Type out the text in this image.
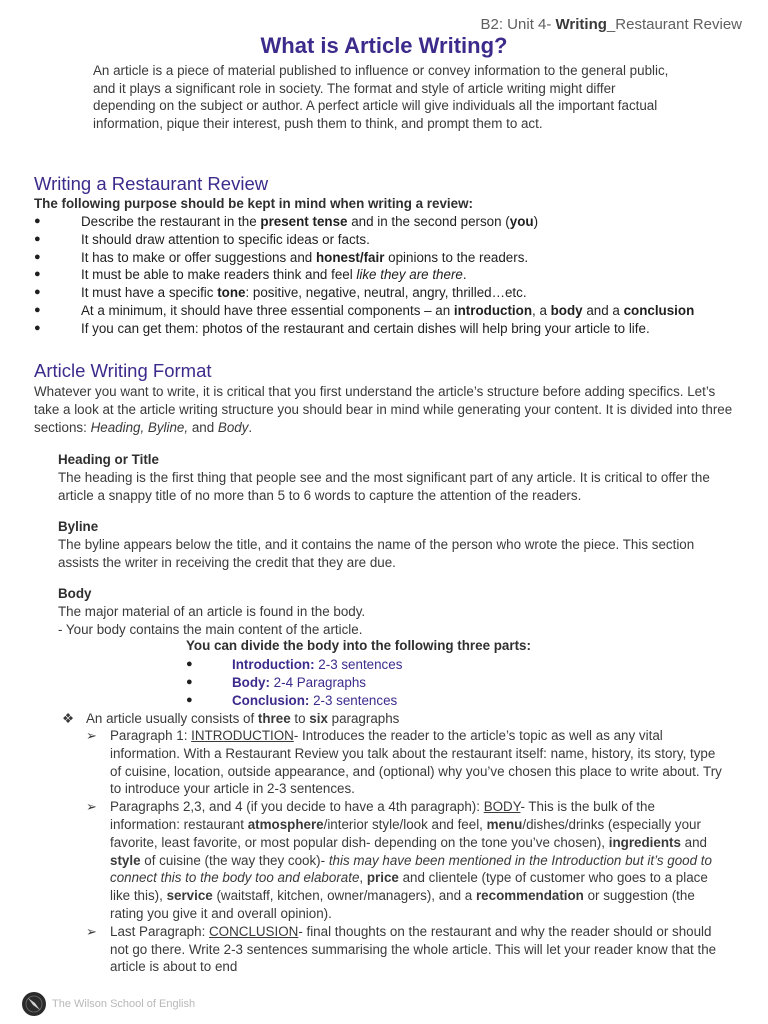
B2: Unit 4- Writing_Restaurant Review
What is Article Writing?

An article is a piece of material published to influence or convey information to the general public, and it plays a significant role in society. The format and style of article writing might differ depending on the subject or author. A perfect article will give individuals all the important factual information, pique their interest, push them to think, and prompt them to act.

Writing a Restaurant Review

The following purpose should be kept in mind when writing a review:

●	Describe the restaurant in the present tense and in the second person (you)
●	It should draw attention to specific ideas or facts.
●	It has to make or offer suggestions and honest/fair opinions to the readers.
●	It must be able to make readers think and feel like they are there.
●	It must have a specific tone: positive, negative, neutral, angry, thrilled…etc.
●	At a minimum, it should have three essential components – an introduction, a body and a conclusion
●	If you can get them: photos of the restaurant and certain dishes will help bring your article to life.
Article Writing Format

Whatever you want to write, it is critical that you first understand the article’s structure before adding specifics. Let’s take a look at the article writing structure you should bear in mind while generating your content. It is divided into three sections: Heading, Byline, and Body.

Heading or Title
The heading is the first thing that people see and the most significant part of any article. It is critical to offer the article a snappy title of no more than 5 to 6 words to capture the attention of the readers.
Byline
The byline appears below the title, and it contains the name of the person who wrote the piece. This section assists the writer in receiving the credit that they are due.
Body
The major material of an article is found in the body.
- Your body contains the main content of the article.

You can divide the body into the following three parts:

●	Introduction: 2-3 sentences
●	Body: 2-4 Paragraphs
●	Conclusion: 2-3 sentences
❖ An article usually consists of three to six paragraphs
➢ Paragraph 1: INTRODUCTION- Introduces the reader to the article’s topic as well as any vital information. With a Restaurant Review you talk about the restaurant itself: name, history, its story, type of cuisine, location, outside appearance, and (optional) why you’ve chosen this place to write about. Try to introduce your article in 2-3 sentences.
➢ Paragraphs 2,3, and 4 (if you decide to have a 4th paragraph): BODY- This is the bulk of the information: restaurant atmosphere/interior style/look and feel, menu/dishes/drinks (especially your favorite, least favorite, or most popular dish- depending on the tone you’ve chosen), ingredients and style of cuisine (the way they cook)- this may have been mentioned in the Introduction but it’s good to connect this to the body too and elaborate, price and clientele (type of customer who goes to a place like this), service (waitstaff, kitchen, owner/managers), and a recommendation or suggestion (the rating you give it and overall opinion).
➢ Last Paragraph: CONCLUSION- final thoughts on the restaurant and why the reader should or should not go there. Write 2-3 sentences summarising the whole article. This will let your reader know that the article is about to end
The Wilson School of English
